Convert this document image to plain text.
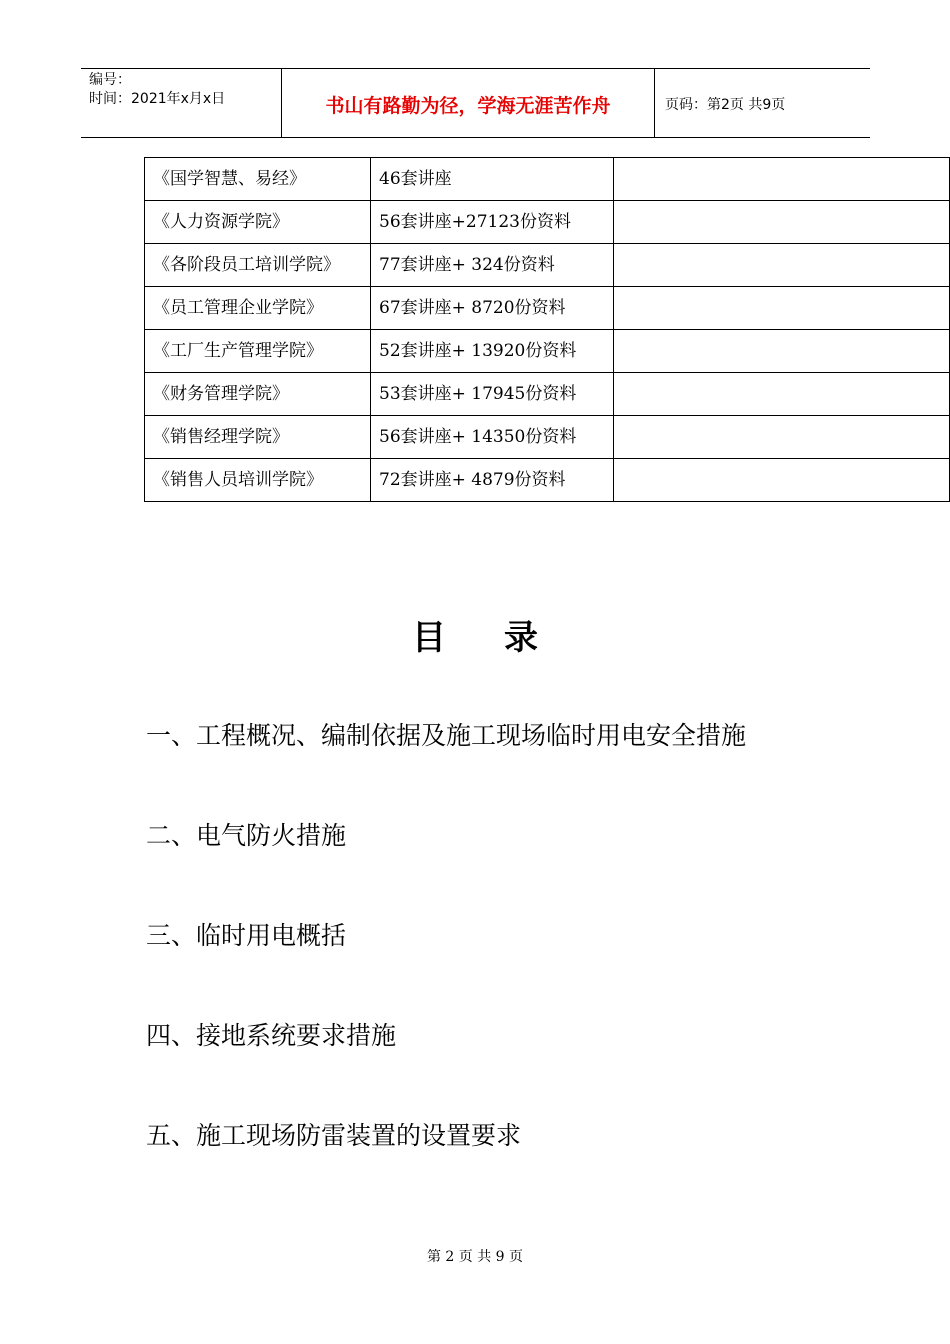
编号：
时间：2021年x月x日	书山有路勤为径，学海无涯苦作舟	页码：第2页 共9页
《国学智慧、易经》	46套讲座	
《人力资源学院》	56套讲座+27123份资料	
《各阶段员工培训学院》	77套讲座+ 324份资料	
《员工管理企业学院》	67套讲座+ 8720份资料	
《工厂生产管理学院》	52套讲座+ 13920份资料	
《财务管理学院》	53套讲座+ 17945份资料	
《销售经理学院》	56套讲座+ 14350份资料	
《销售人员培训学院》	72套讲座+ 4879份资料	
目录
一、工程概况、编制依据及施工现场临时用电安全措施
二、电气防火措施
三、临时用电概括
四、接地系统要求措施
五、施工现场防雷装置的设置要求
第 2 页 共 9 页
